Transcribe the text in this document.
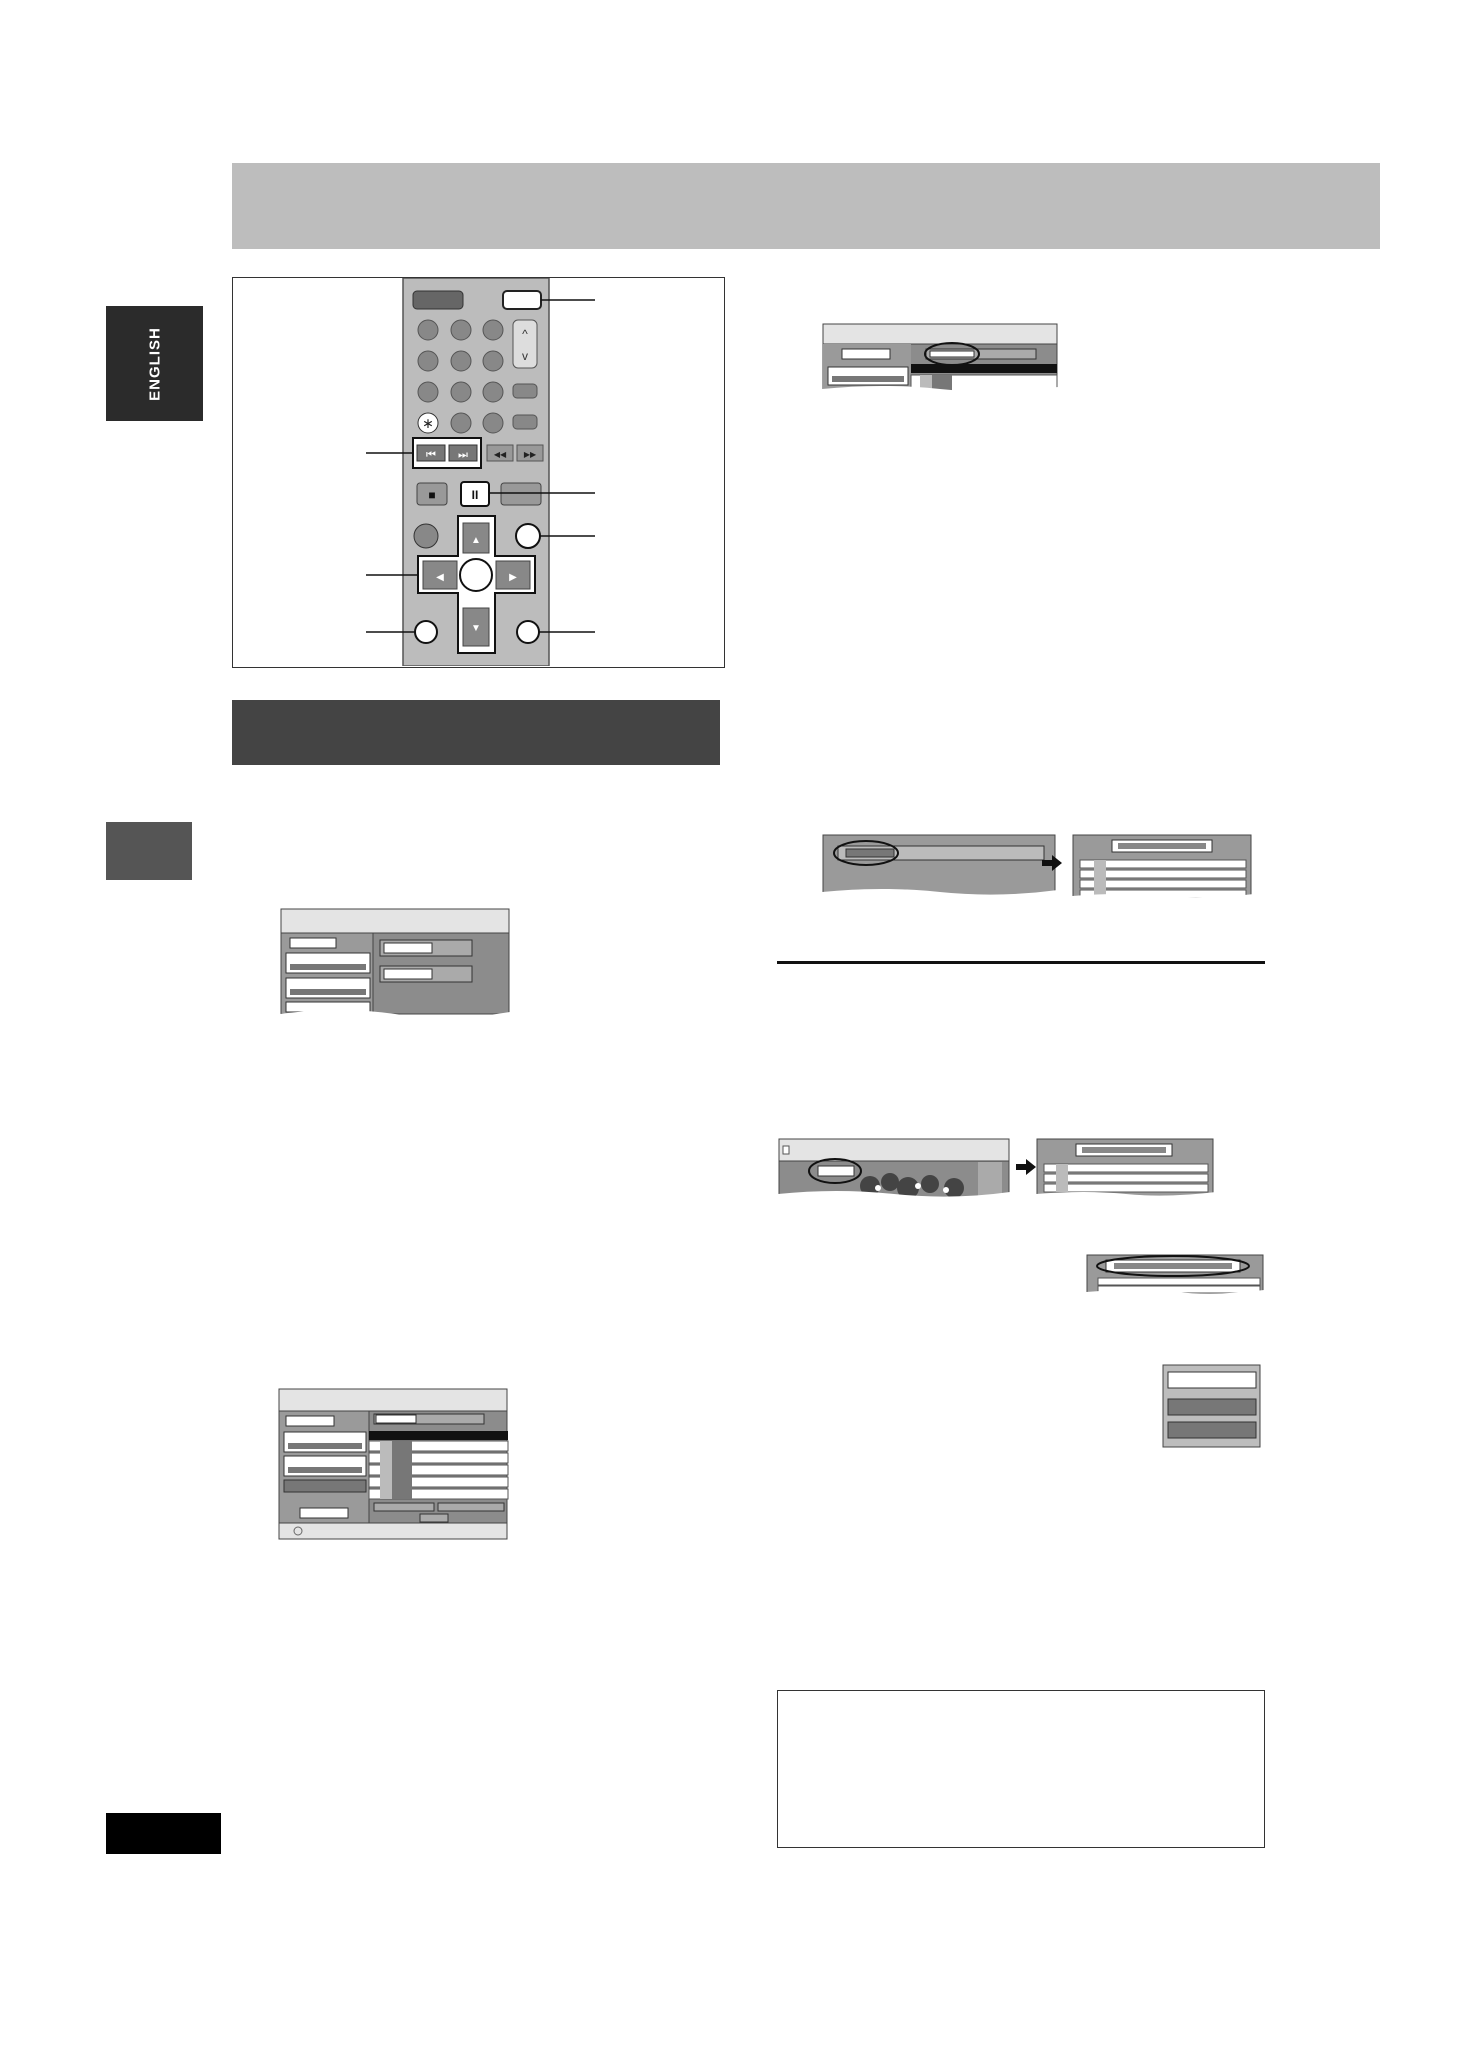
ENGLISH
∗
^
v
⏮ ⏭	◀◀ ▶▶
■	II
▲
▼
◀	▶
